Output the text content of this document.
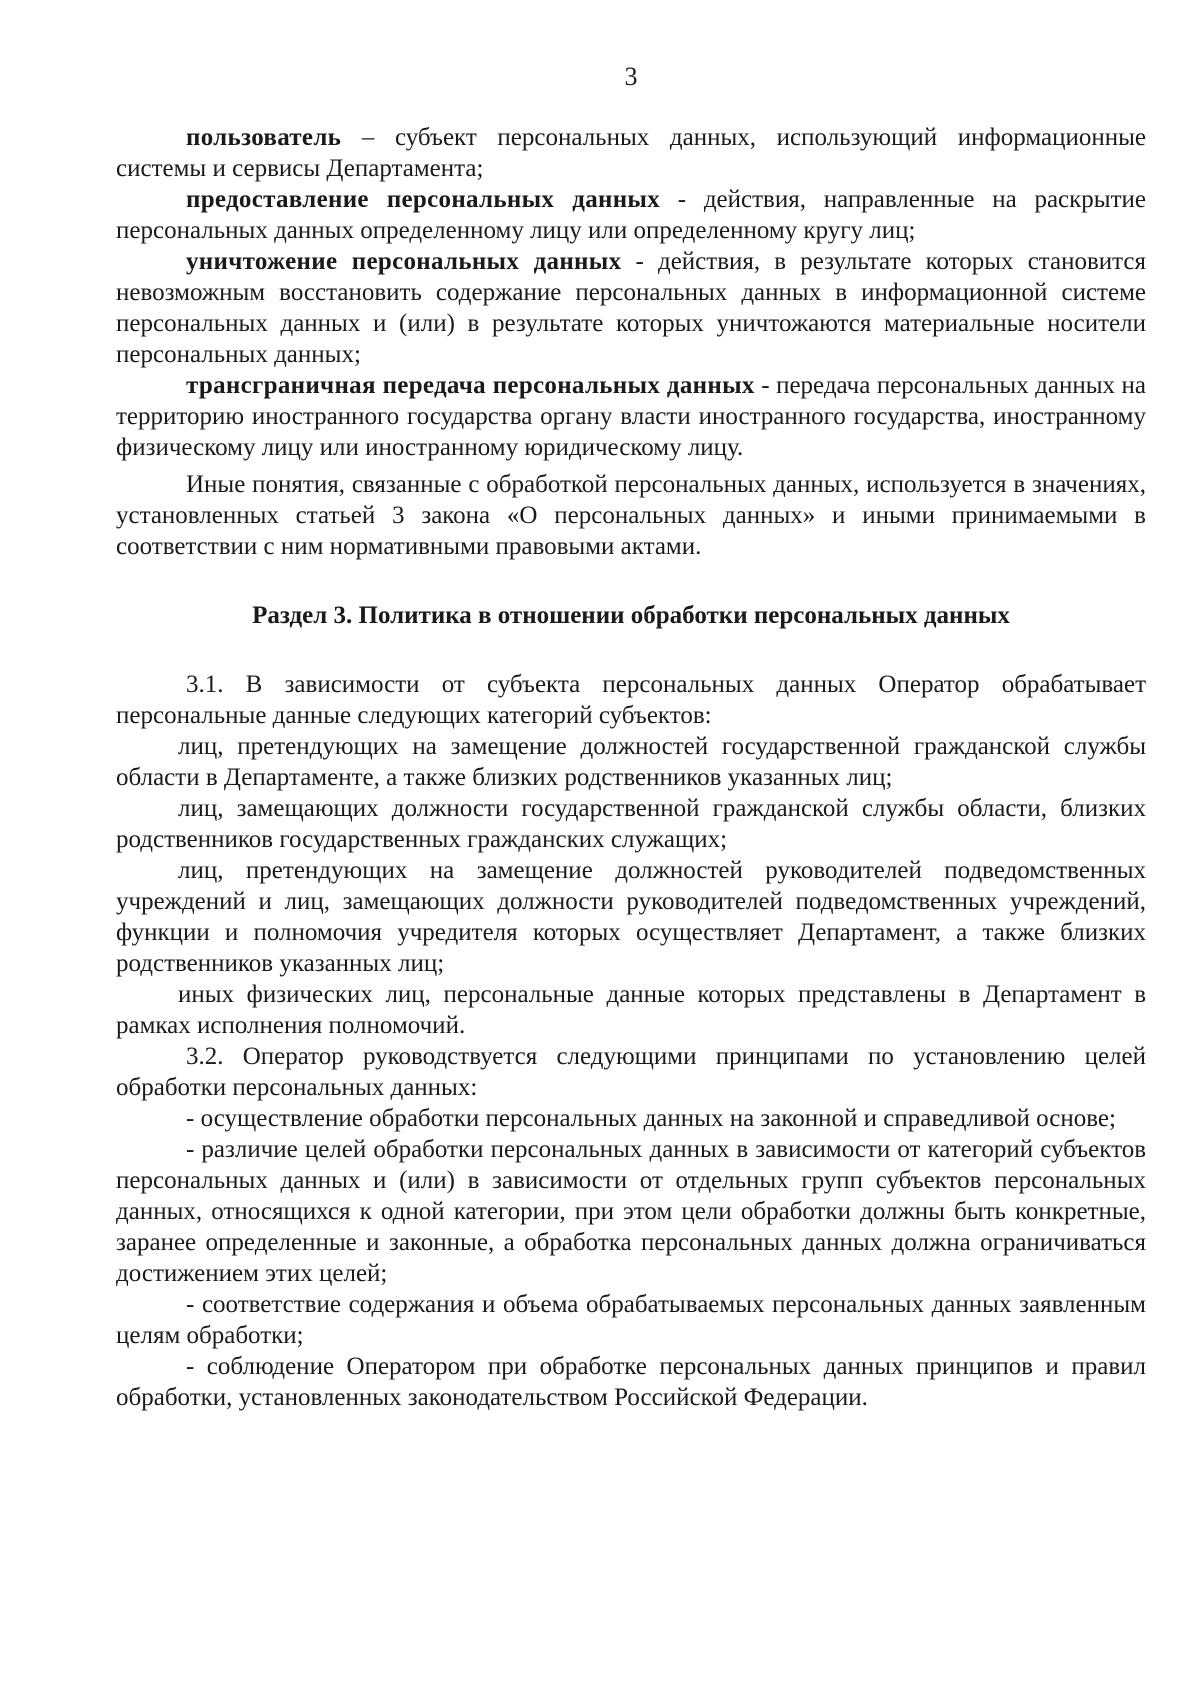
3

пользователь – субъект персональных данных, использующий информационные системы и сервисы Департамента;

предоставление персональных данных - действия, направленные на раскрытие персональных данных определенному лицу или определенному кругу лиц;

уничтожение персональных данных - действия, в результате которых становится невозможным восстановить содержание персональных данных в информационной системе персональных данных и (или) в результате которых уничтожаются материальные носители персональных данных;

трансграничная передача персональных данных - передача персональных данных на территорию иностранного государства органу власти иностранного государства, иностранному физическому лицу или иностранному юридическому лицу.

Иные понятия, связанные с обработкой персональных данных, используется в значениях, установленных статьей 3 закона «О персональных данных» и иными принимаемыми в соответствии с ним нормативными правовыми актами.

Раздел 3. Политика в отношении обработки персональных данных

3.1. В зависимости от субъекта персональных данных Оператор обрабатывает персональные данные следующих категорий субъектов:

лиц, претендующих на замещение должностей государственной гражданской службы области в Департаменте, а также близких родственников указанных лиц;

лиц, замещающих должности государственной гражданской службы области, близких родственников государственных гражданских служащих;

лиц, претендующих на замещение должностей руководителей подведомственных учреждений и лиц, замещающих должности руководителей подведомственных учреждений, функции и полномочия учредителя которых осуществляет Департамент, а также близких родственников указанных лиц;

иных физических лиц, персональные данные которых представлены в Департамент в рамках исполнения полномочий.

3.2. Оператор руководствуется следующими принципами по установлению целей обработки персональных данных:

- осуществление обработки персональных данных на законной и справедливой основе;

- различие целей обработки персональных данных в зависимости от категорий субъектов персональных данных и (или) в зависимости от отдельных групп субъектов персональных данных, относящихся к одной категории, при этом цели обработки должны быть конкретные, заранее определенные и законные, а обработка персональных данных должна ограничиваться достижением этих целей;

- соответствие содержания и объема обрабатываемых персональных данных заявленным целям обработки;

- соблюдение Оператором при обработке персональных данных принципов и правил обработки, установленных законодательством Российской Федерации.
